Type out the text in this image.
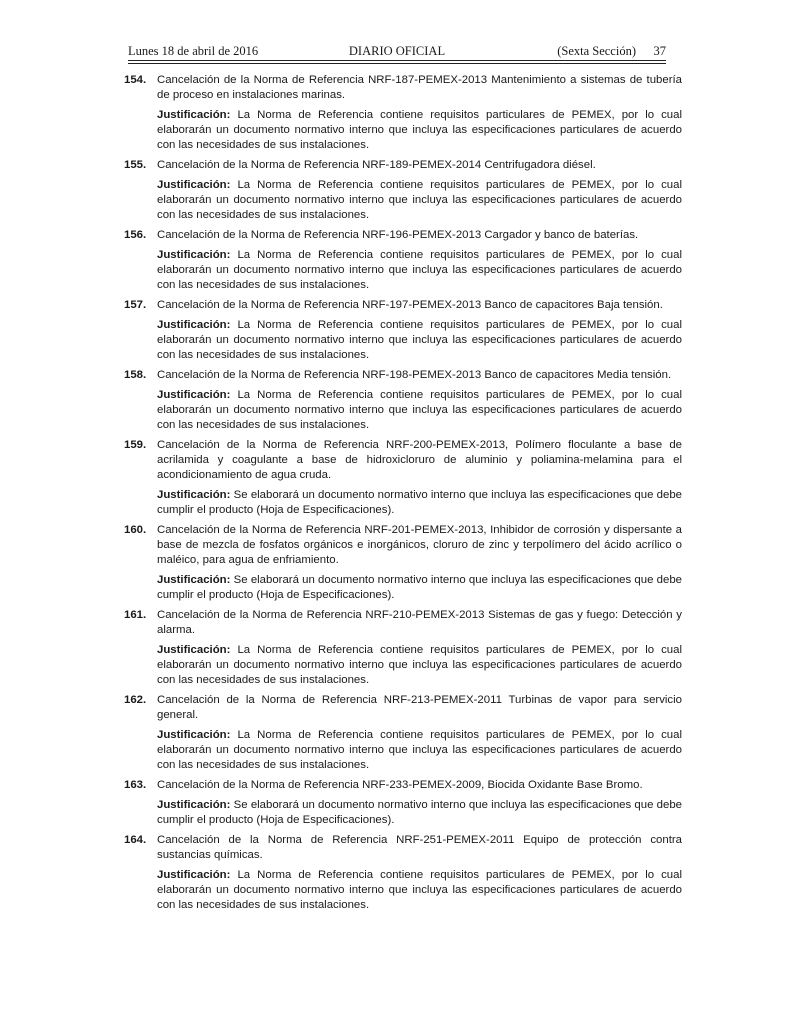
Lunes 18 de abril de 2016	DIARIO OFICIAL	(Sexta Sección) 37
154. Cancelación de la Norma de Referencia NRF-187-PEMEX-2013 Mantenimiento a sistemas de tubería de proceso en instalaciones marinas.
Justificación: La Norma de Referencia contiene requisitos particulares de PEMEX, por lo cual elaborarán un documento normativo interno que incluya las especificaciones particulares de acuerdo con las necesidades de sus instalaciones.
155. Cancelación de la Norma de Referencia NRF-189-PEMEX-2014 Centrifugadora diésel.
Justificación: La Norma de Referencia contiene requisitos particulares de PEMEX, por lo cual elaborarán un documento normativo interno que incluya las especificaciones particulares de acuerdo con las necesidades de sus instalaciones.
156. Cancelación de la Norma de Referencia NRF-196-PEMEX-2013 Cargador y banco de baterías.
Justificación: La Norma de Referencia contiene requisitos particulares de PEMEX, por lo cual elaborarán un documento normativo interno que incluya las especificaciones particulares de acuerdo con las necesidades de sus instalaciones.
157. Cancelación de la Norma de Referencia NRF-197-PEMEX-2013 Banco de capacitores Baja tensión.
Justificación: La Norma de Referencia contiene requisitos particulares de PEMEX, por lo cual elaborarán un documento normativo interno que incluya las especificaciones particulares de acuerdo con las necesidades de sus instalaciones.
158. Cancelación de la Norma de Referencia NRF-198-PEMEX-2013 Banco de capacitores Media tensión.
Justificación: La Norma de Referencia contiene requisitos particulares de PEMEX, por lo cual elaborarán un documento normativo interno que incluya las especificaciones particulares de acuerdo con las necesidades de sus instalaciones.
159. Cancelación de la Norma de Referencia NRF-200-PEMEX-2013, Polímero floculante a base de acrilamida y coagulante a base de hidroxicloruro de aluminio y poliamina-melamina para el acondicionamiento de agua cruda.
Justificación: Se elaborará un documento normativo interno que incluya las especificaciones que debe cumplir el producto (Hoja de Especificaciones).
160. Cancelación de la Norma de Referencia NRF-201-PEMEX-2013, Inhibidor de corrosión y dispersante a base de mezcla de fosfatos orgánicos e inorgánicos, cloruro de zinc y terpolímero del ácido acrílico o maléico, para agua de enfriamiento.
Justificación: Se elaborará un documento normativo interno que incluya las especificaciones que debe cumplir el producto (Hoja de Especificaciones).
161. Cancelación de la Norma de Referencia NRF-210-PEMEX-2013 Sistemas de gas y fuego: Detección y alarma.
Justificación: La Norma de Referencia contiene requisitos particulares de PEMEX, por lo cual elaborarán un documento normativo interno que incluya las especificaciones particulares de acuerdo con las necesidades de sus instalaciones.
162. Cancelación de la Norma de Referencia NRF-213-PEMEX-2011 Turbinas de vapor para servicio general.
Justificación: La Norma de Referencia contiene requisitos particulares de PEMEX, por lo cual elaborarán un documento normativo interno que incluya las especificaciones particulares de acuerdo con las necesidades de sus instalaciones.
163. Cancelación de la Norma de Referencia NRF-233-PEMEX-2009, Biocida Oxidante Base Bromo.
Justificación: Se elaborará un documento normativo interno que incluya las especificaciones que debe cumplir el producto (Hoja de Especificaciones).
164. Cancelación de la Norma de Referencia NRF-251-PEMEX-2011 Equipo de protección contra sustancias químicas.
Justificación: La Norma de Referencia contiene requisitos particulares de PEMEX, por lo cual elaborarán un documento normativo interno que incluya las especificaciones particulares de acuerdo con las necesidades de sus instalaciones.
